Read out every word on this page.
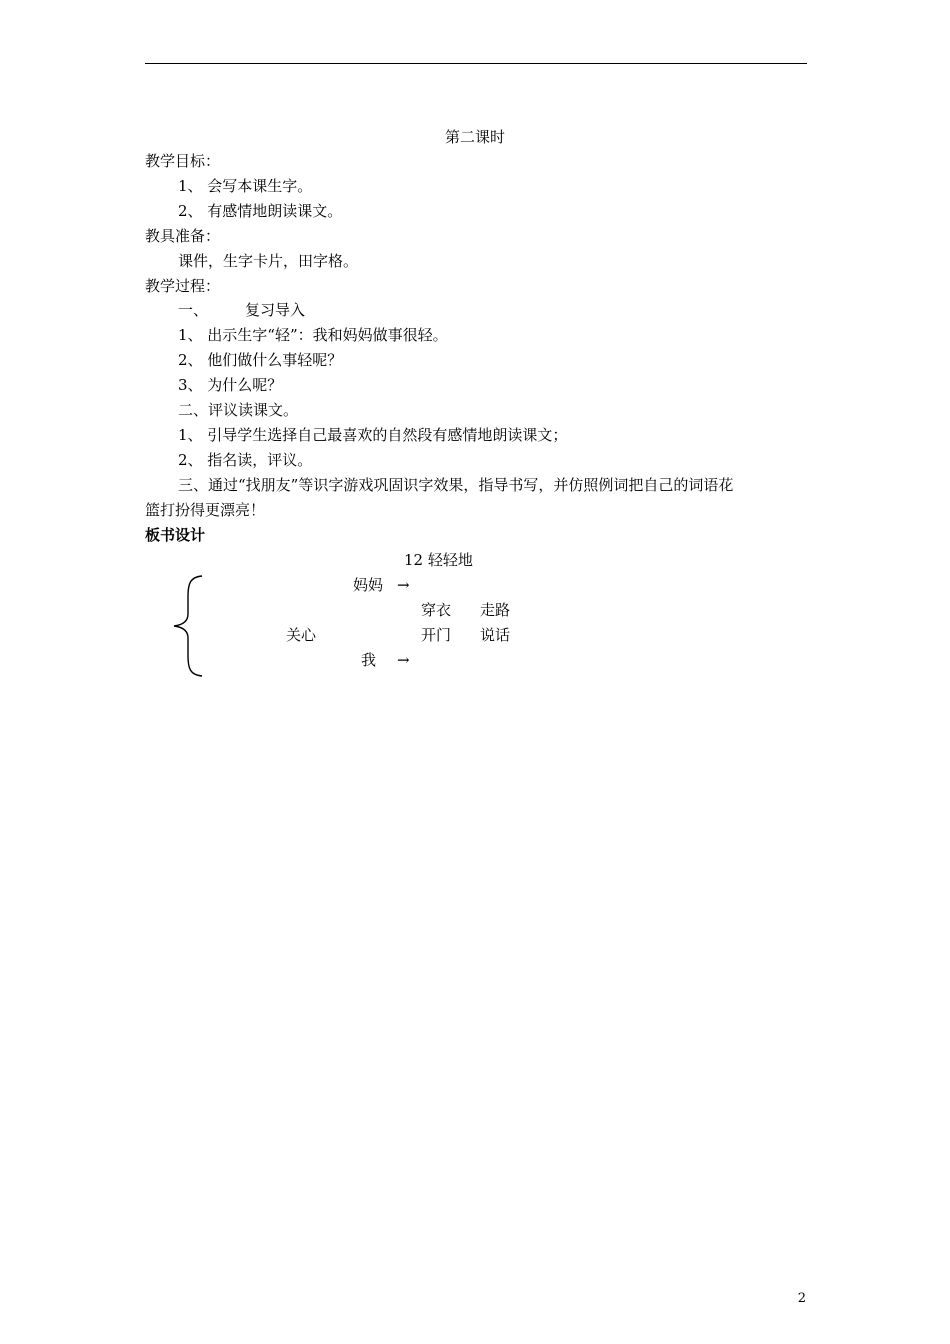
第二课时
教学目标：
1、 会写本课生字。
2、 有感情地朗读课文。
教具准备：
课件，生字卡片，田字格。
教学过程：
一、 复习导入
1、 出示生字“轻”：我和妈妈做事很轻。
2、 他们做什么事轻呢？
3、 为什么呢？
二、评议读课文。
1、 引导学生选择自己最喜欢的自然段有感情地朗读课文；
2、 指名读，评议。
三、通过“找朋友”等识字游戏巩固识字效果，指导书写，并仿照例词把自己的词语花
篮打扮得更漂亮！
板书设计
12 轻轻地
妈妈 →
穿衣 走路
关心	开门 说话
我 →
2
